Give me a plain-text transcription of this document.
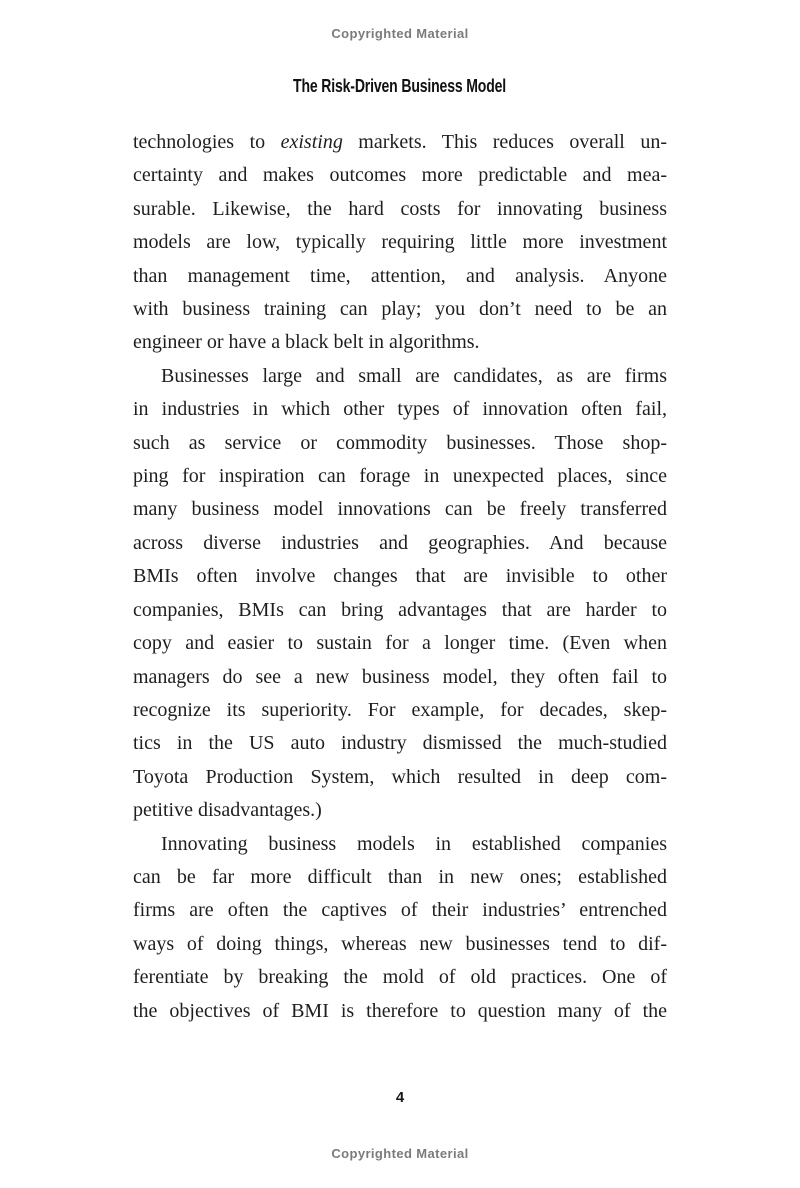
Copyrighted Material
The Risk-Driven Business Model
technologies to existing markets. This reduces overall un-
certainty and makes outcomes more predictable and mea-
surable. Likewise, the hard costs for innovating business
models are low, typically requiring little more investment
than management time, attention, and analysis. Anyone
with business training can play; you don’t need to be an
engineer or have a black belt in algorithms.
Businesses large and small are candidates, as are firms
in industries in which other types of innovation often fail,
such as service or commodity businesses. Those shop-
ping for inspiration can forage in unexpected places, since
many business model innovations can be freely transferred
across diverse industries and geographies. And because
BMIs often involve changes that are invisible to other
companies, BMIs can bring advantages that are harder to
copy and easier to sustain for a longer time. (Even when
managers do see a new business model, they often fail to
recognize its superiority. For example, for decades, skep-
tics in the US auto industry dismissed the much-studied
Toyota Production System, which resulted in deep com-
petitive disadvantages.)
Innovating business models in established companies
can be far more difficult than in new ones; established
firms are often the captives of their industries’ entrenched
ways of doing things, whereas new businesses tend to dif-
ferentiate by breaking the mold of old practices. One of
the objectives of BMI is therefore to question many of the
4
Copyrighted Material
